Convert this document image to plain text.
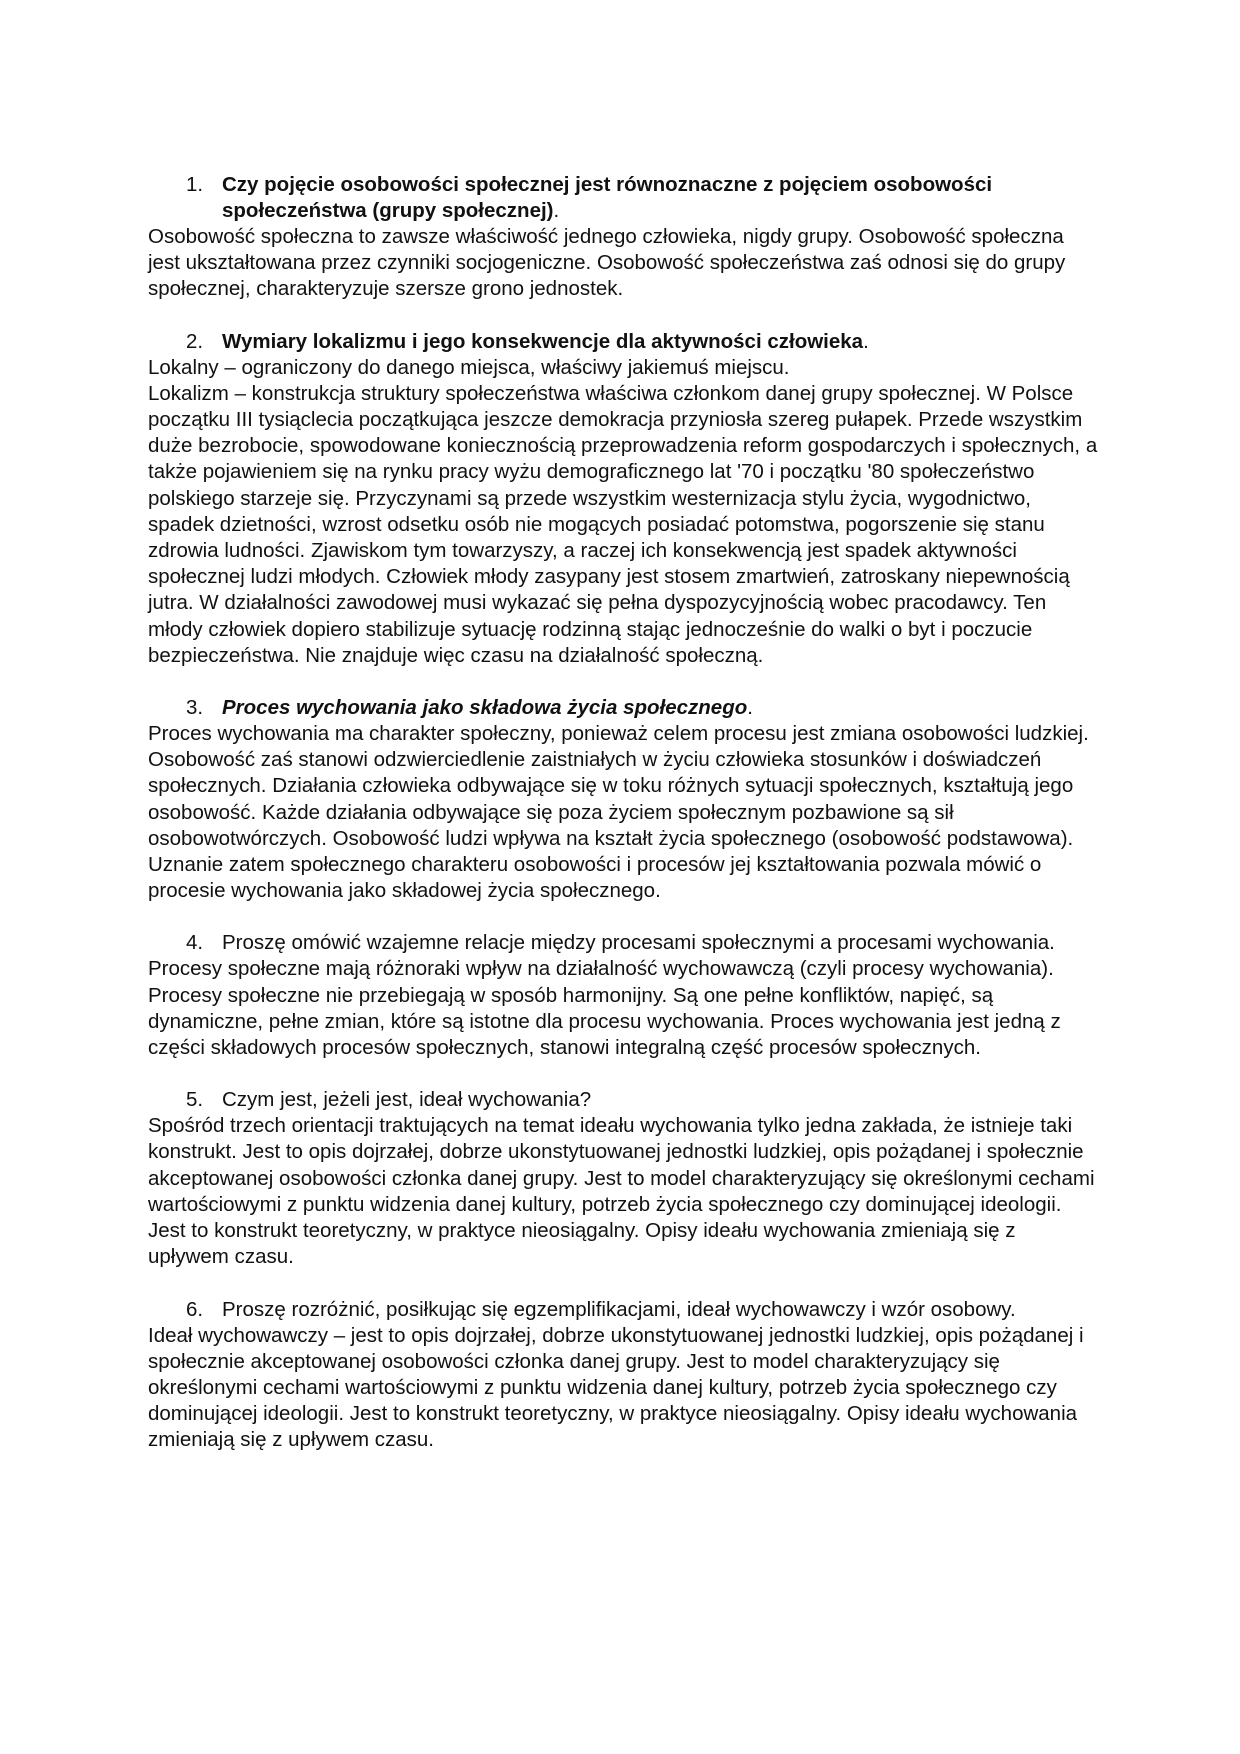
1. Czy pojęcie osobowości społecznej jest równoznaczne z pojęciem osobowości społeczeństwa (grupy społecznej).

Osobowość społeczna to zawsze właściwość jednego człowieka, nigdy grupy. Osobowość społeczna jest ukształtowana przez czynniki socjogeniczne. Osobowość społeczeństwa zaś odnosi się do grupy społecznej, charakteryzuje szersze grono jednostek.

2. Wymiary lokalizmu i jego konsekwencje dla aktywności człowieka.

Lokalny – ograniczony do danego miejsca, właściwy jakiemuś miejscu.

Lokalizm – konstrukcja struktury społeczeństwa właściwa członkom danej grupy społecznej. W Polsce początku III tysiąclecia początkująca jeszcze demokracja przyniosła szereg pułapek. Przede wszystkim duże bezrobocie, spowodowane koniecznością przeprowadzenia reform gospodarczych i społecznych, a także pojawieniem się na rynku pracy wyżu demograficznego lat '70 i początku '80 społeczeństwo polskiego starzeje się. Przyczynami są przede wszystkim westernizacja stylu życia, wygodnictwo, spadek dzietności, wzrost odsetku osób nie mogących posiadać potomstwa, pogorszenie się stanu zdrowia ludności. Zjawiskom tym towarzyszy, a raczej ich konsekwencją jest spadek aktywności społecznej ludzi młodych. Człowiek młody zasypany jest stosem zmartwień, zatroskany niepewnością jutra. W działalności zawodowej musi wykazać się pełna dyspozycyjnością wobec pracodawcy. Ten młody człowiek dopiero stabilizuje sytuację rodzinną stając jednocześnie do walki o byt i poczucie bezpieczeństwa. Nie znajduje więc czasu na działalność społeczną.

3. Proces wychowania jako składowa życia społecznego.

Proces wychowania ma charakter społeczny, ponieważ celem procesu jest zmiana osobowości ludzkiej. Osobowość zaś stanowi odzwierciedlenie zaistniałych w życiu człowieka stosunków i doświadczeń społecznych. Działania człowieka odbywające się w toku różnych sytuacji społecznych, kształtują jego osobowość. Każde działania odbywające się poza życiem społecznym pozbawione są sił osobowotwórczych. Osobowość ludzi wpływa na kształt życia społecznego (osobowość podstawowa). Uznanie zatem społecznego charakteru osobowości i procesów jej kształtowania pozwala mówić o procesie wychowania jako składowej życia społecznego.

4. Proszę omówić wzajemne relacje między procesami społecznymi a procesami wychowania.

Procesy społeczne mają różnoraki wpływ na działalność wychowawczą (czyli procesy wychowania). Procesy społeczne nie przebiegają w sposób harmonijny. Są one pełne konfliktów, napięć, są dynamiczne, pełne zmian, które są istotne dla procesu wychowania. Proces wychowania jest jedną z części składowych procesów społecznych, stanowi integralną część procesów społecznych.

5. Czym jest, jeżeli jest, ideał wychowania?

Spośród trzech orientacji traktujących na temat ideału wychowania tylko jedna zakłada, że istnieje taki konstrukt. Jest to opis dojrzałej, dobrze ukonstytuowanej jednostki ludzkiej, opis pożądanej i społecznie akceptowanej osobowości członka danej grupy. Jest to model charakteryzujący się określonymi cechami wartościowymi z punktu widzenia danej kultury, potrzeb życia społecznego czy dominującej ideologii. Jest to konstrukt teoretyczny, w praktyce nieosiągalny. Opisy ideału wychowania zmieniają się z upływem czasu.

6. Proszę rozróżnić, posiłkując się egzemplifikacjami, ideał wychowawczy i wzór osobowy.

Ideał wychowawczy – jest to opis dojrzałej, dobrze ukonstytuowanej jednostki ludzkiej, opis pożądanej i społecznie akceptowanej osobowości członka danej grupy. Jest to model charakteryzujący się określonymi cechami wartościowymi z punktu widzenia danej kultury, potrzeb życia społecznego czy dominującej ideologii. Jest to konstrukt teoretyczny, w praktyce nieosiągalny. Opisy ideału wychowania zmieniają się z upływem czasu.
